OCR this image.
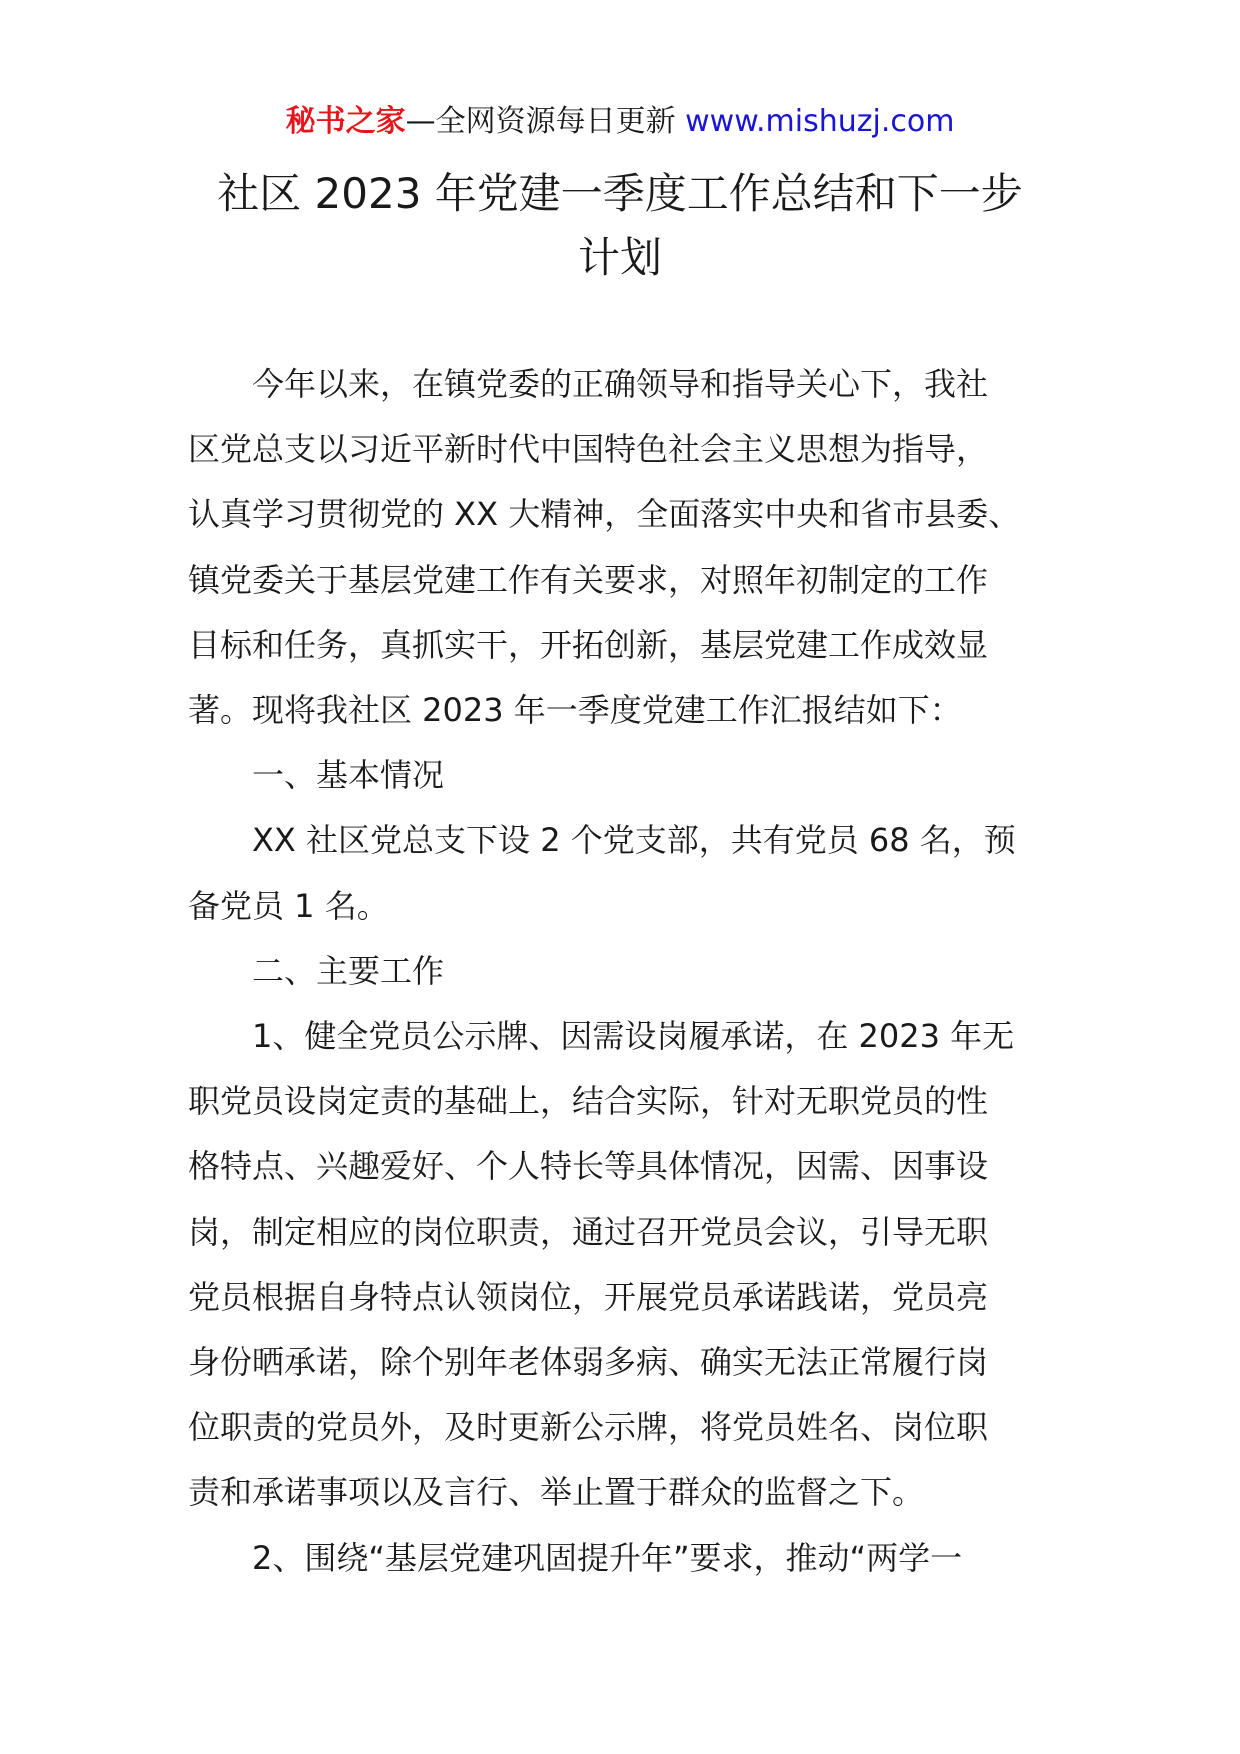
秘书之家—全网资源每日更新 www.mishuzj.com
社区 2023 年党建一季度工作总结和下一步
计划
今年以来，在镇党委的正确领导和指导关心下，我社
区党总支以习近平新时代中国特色社会主义思想为指导，
认真学习贯彻党的 XX 大精神，全面落实中央和省市县委、
镇党委关于基层党建工作有关要求，对照年初制定的工作
目标和任务，真抓实干，开拓创新，基层党建工作成效显
著。现将我社区 2023 年一季度党建工作汇报结如下：
一、基本情况
XX 社区党总支下设 2 个党支部，共有党员 68 名，预
备党员 1 名。
二、主要工作
1、健全党员公示牌、因需设岗履承诺，在 2023 年无
职党员设岗定责的基础上，结合实际，针对无职党员的性
格特点、兴趣爱好、个人特长等具体情况，因需、因事设
岗，制定相应的岗位职责，通过召开党员会议，引导无职
党员根据自身特点认领岗位，开展党员承诺践诺，党员亮
身份晒承诺，除个别年老体弱多病、确实无法正常履行岗
位职责的党员外，及时更新公示牌，将党员姓名、岗位职
责和承诺事项以及言行、举止置于群众的监督之下。
2、围绕“基层党建巩固提升年”要求，推动“两学一
